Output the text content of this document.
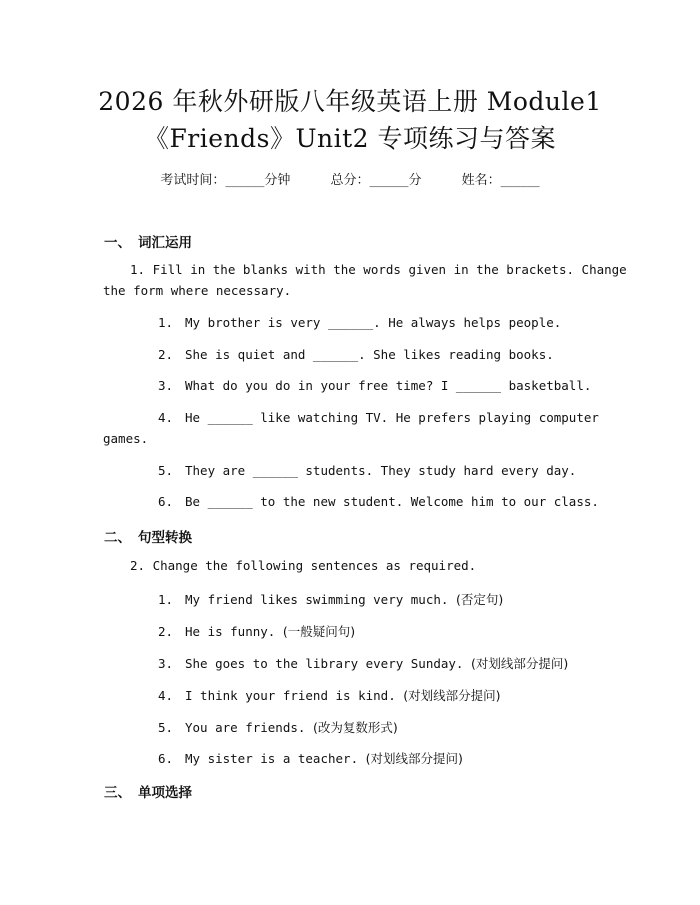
2026 年秋外研版八年级英语上册 Module1
《Friends》Unit2 专项练习与答案
考试时间：______分钟	总分：______分	姓名：______
一、 词汇运用
1. Fill in the blanks with the words given in the brackets. Change
the form where necessary.
1. My brother is very ______. He always helps people.
2. She is quiet and ______. She likes reading books.
3. What do you do in your free time? I ______ basketball.
4. He ______ like watching TV. He prefers playing computer
games.
5. They are ______ students. They study hard every day.
6. Be ______ to the new student. Welcome him to our class.
二、 句型转换
2. Change the following sentences as required.
1. My friend likes swimming very much. (否定句)
2. He is funny. (一般疑问句)
3. She goes to the library every Sunday. (对划线部分提问)
4. I think your friend is kind. (对划线部分提问)
5. You are friends. (改为复数形式)
6. My sister is a teacher. (对划线部分提问)
三、 单项选择
